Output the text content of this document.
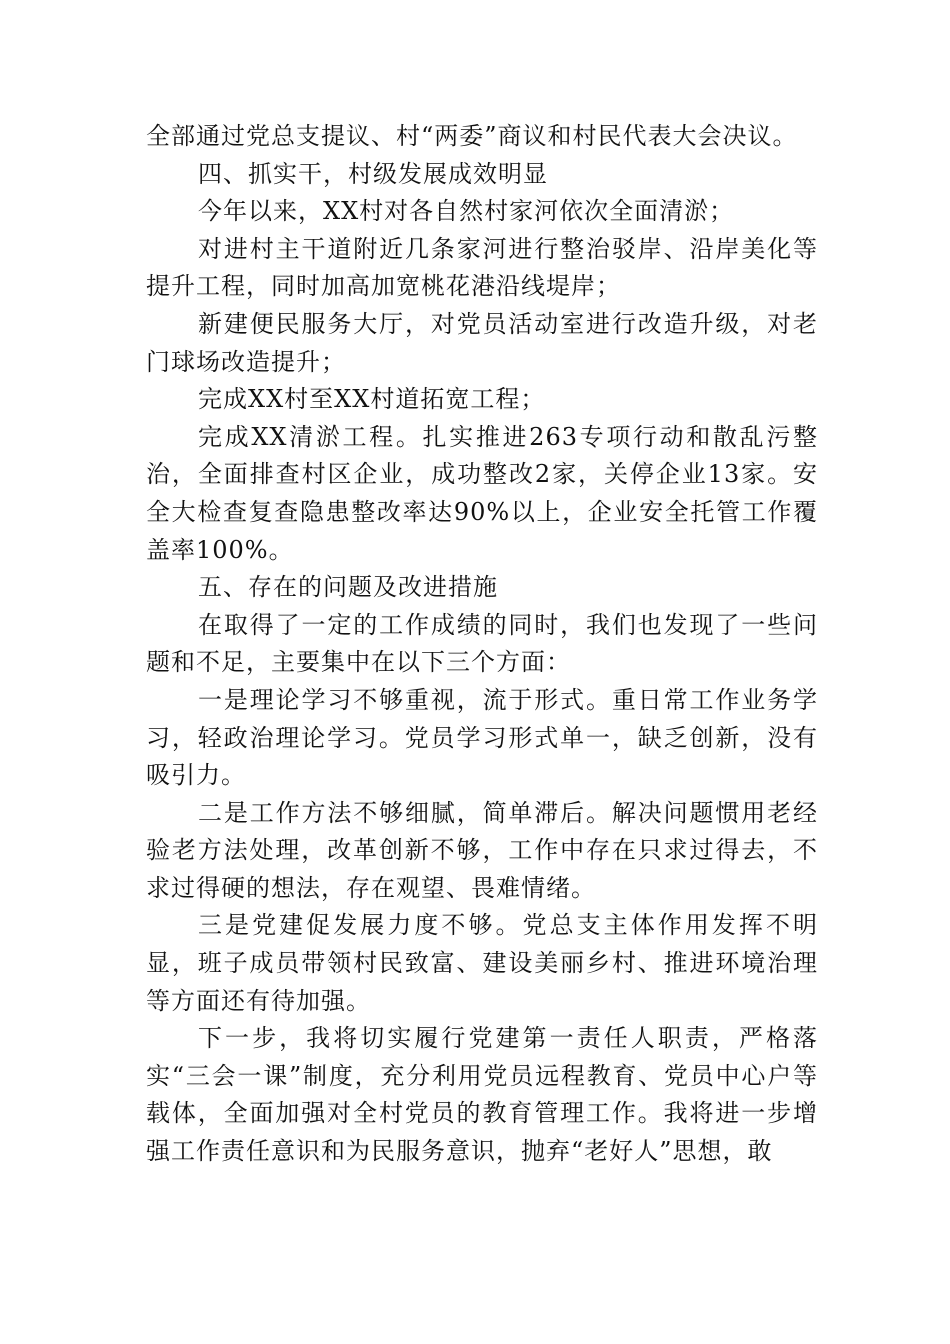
全部通过党总支提议、村“两委”商议和村民代表大会决议。

四、抓实干，村级发展成效明显

今年以来，XX村对各自然村家河依次全面清淤；

对进村主干道附近几条家河进行整治驳岸、沿岸美化等提升工程，同时加高加宽桃花港沿线堤岸；

新建便民服务大厅，对党员活动室进行改造升级，对老门球场改造提升；

完成XX村至XX村道拓宽工程；

完成XX清淤工程。扎实推进263专项行动和散乱污整治，全面排查村区企业，成功整改2家，关停企业13家。安全大检查复查隐患整改率达90%以上，企业安全托管工作覆盖率100%。

五、存在的问题及改进措施

在取得了一定的工作成绩的同时，我们也发现了一些问题和不足，主要集中在以下三个方面：

一是理论学习不够重视，流于形式。重日常工作业务学习，轻政治理论学习。党员学习形式单一，缺乏创新，没有吸引力。

二是工作方法不够细腻，简单滞后。解决问题惯用老经验老方法处理，改革创新不够，工作中存在只求过得去，不求过得硬的想法，存在观望、畏难情绪。

三是党建促发展力度不够。党总支主体作用发挥不明显，班子成员带领村民致富、建设美丽乡村、推进环境治理等方面还有待加强。

下一步，我将切实履行党建第一责任人职责，严格落实“三会一课”制度，充分利用党员远程教育、党员中心户等载体，全面加强对全村党员的教育管理工作。我将进一步增强工作责任意识和为民服务意识，抛弃“老好人”思想，敢
